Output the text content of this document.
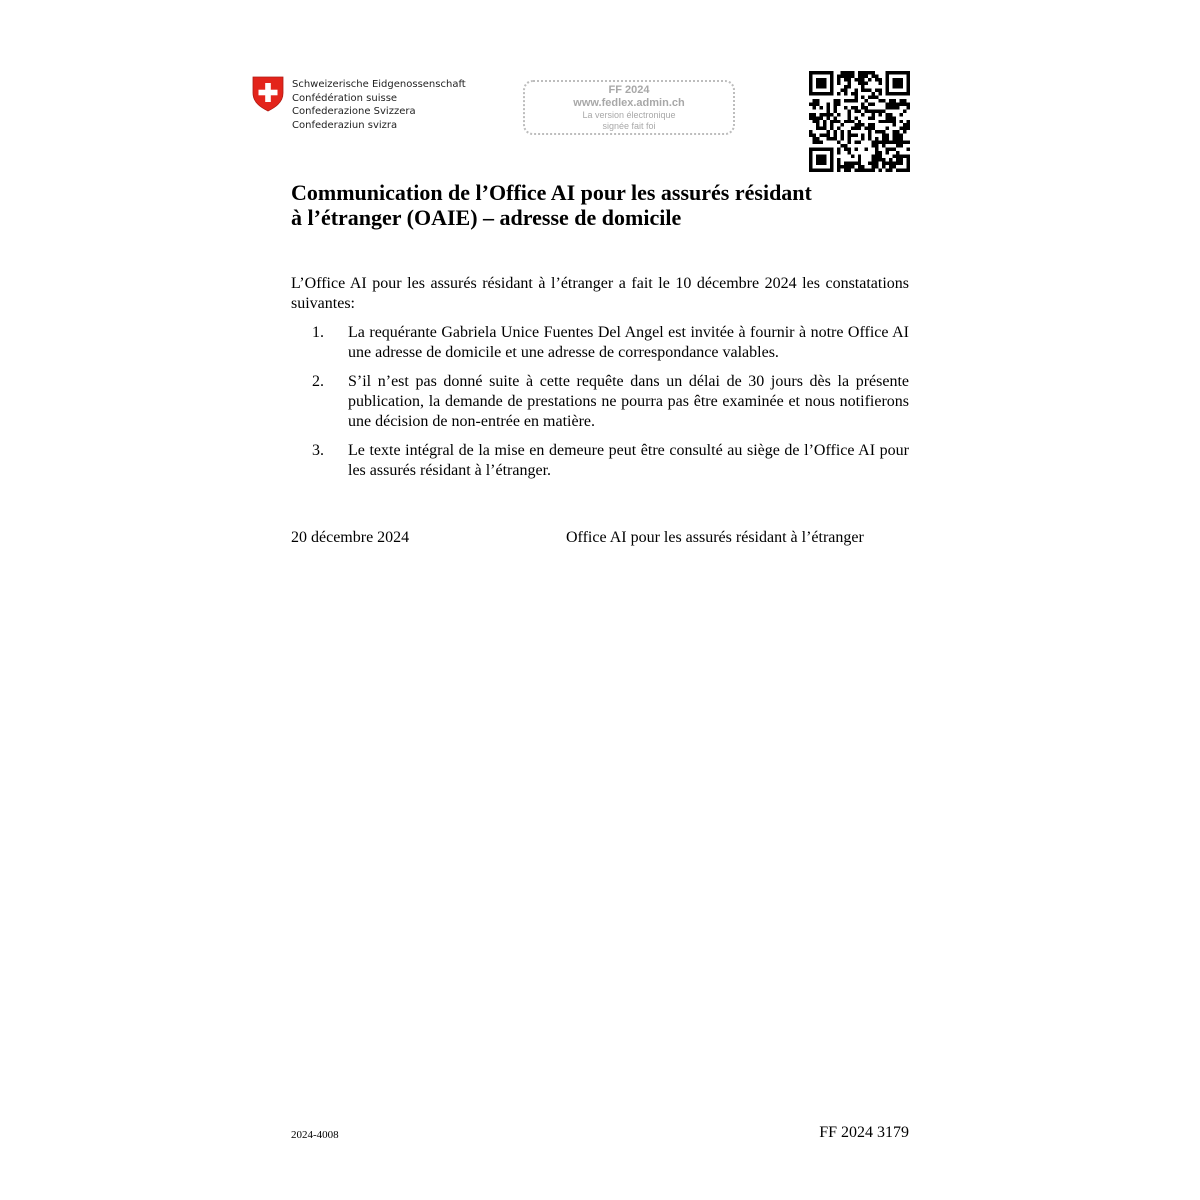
Schweizerische Eidgenossenschaft
Confédération suisse
Confederazione Svizzera
Confederaziun svizra
FF 2024
www.fedlex.admin.ch
La version électronique
signée fait foi
Communication de l’Office AI pour les assurés résidant
à l’étranger (OAIE) – adresse de domicile

L’Office AI pour les assurés résidant à l’étranger a fait le 10 décembre 2024 les constatations suivantes:

1. La requérante Gabriela Unice Fuentes Del Angel est invitée à fournir à notre Office AI une adresse de domicile et une adresse de correspondance valables.
2. S’il n’est pas donné suite à cette requête dans un délai de 30 jours dès la présente publication, la demande de prestations ne pourra pas être examinée et nous notifierons une décision de non-entrée en matière.
3. Le texte intégral de la mise en demeure peut être consulté au siège de l’Office AI pour les assurés résidant à l’étranger.
20 décembre 2024	Office AI pour les assurés résidant à l’étranger
2024-4008	FF 2024 3179
